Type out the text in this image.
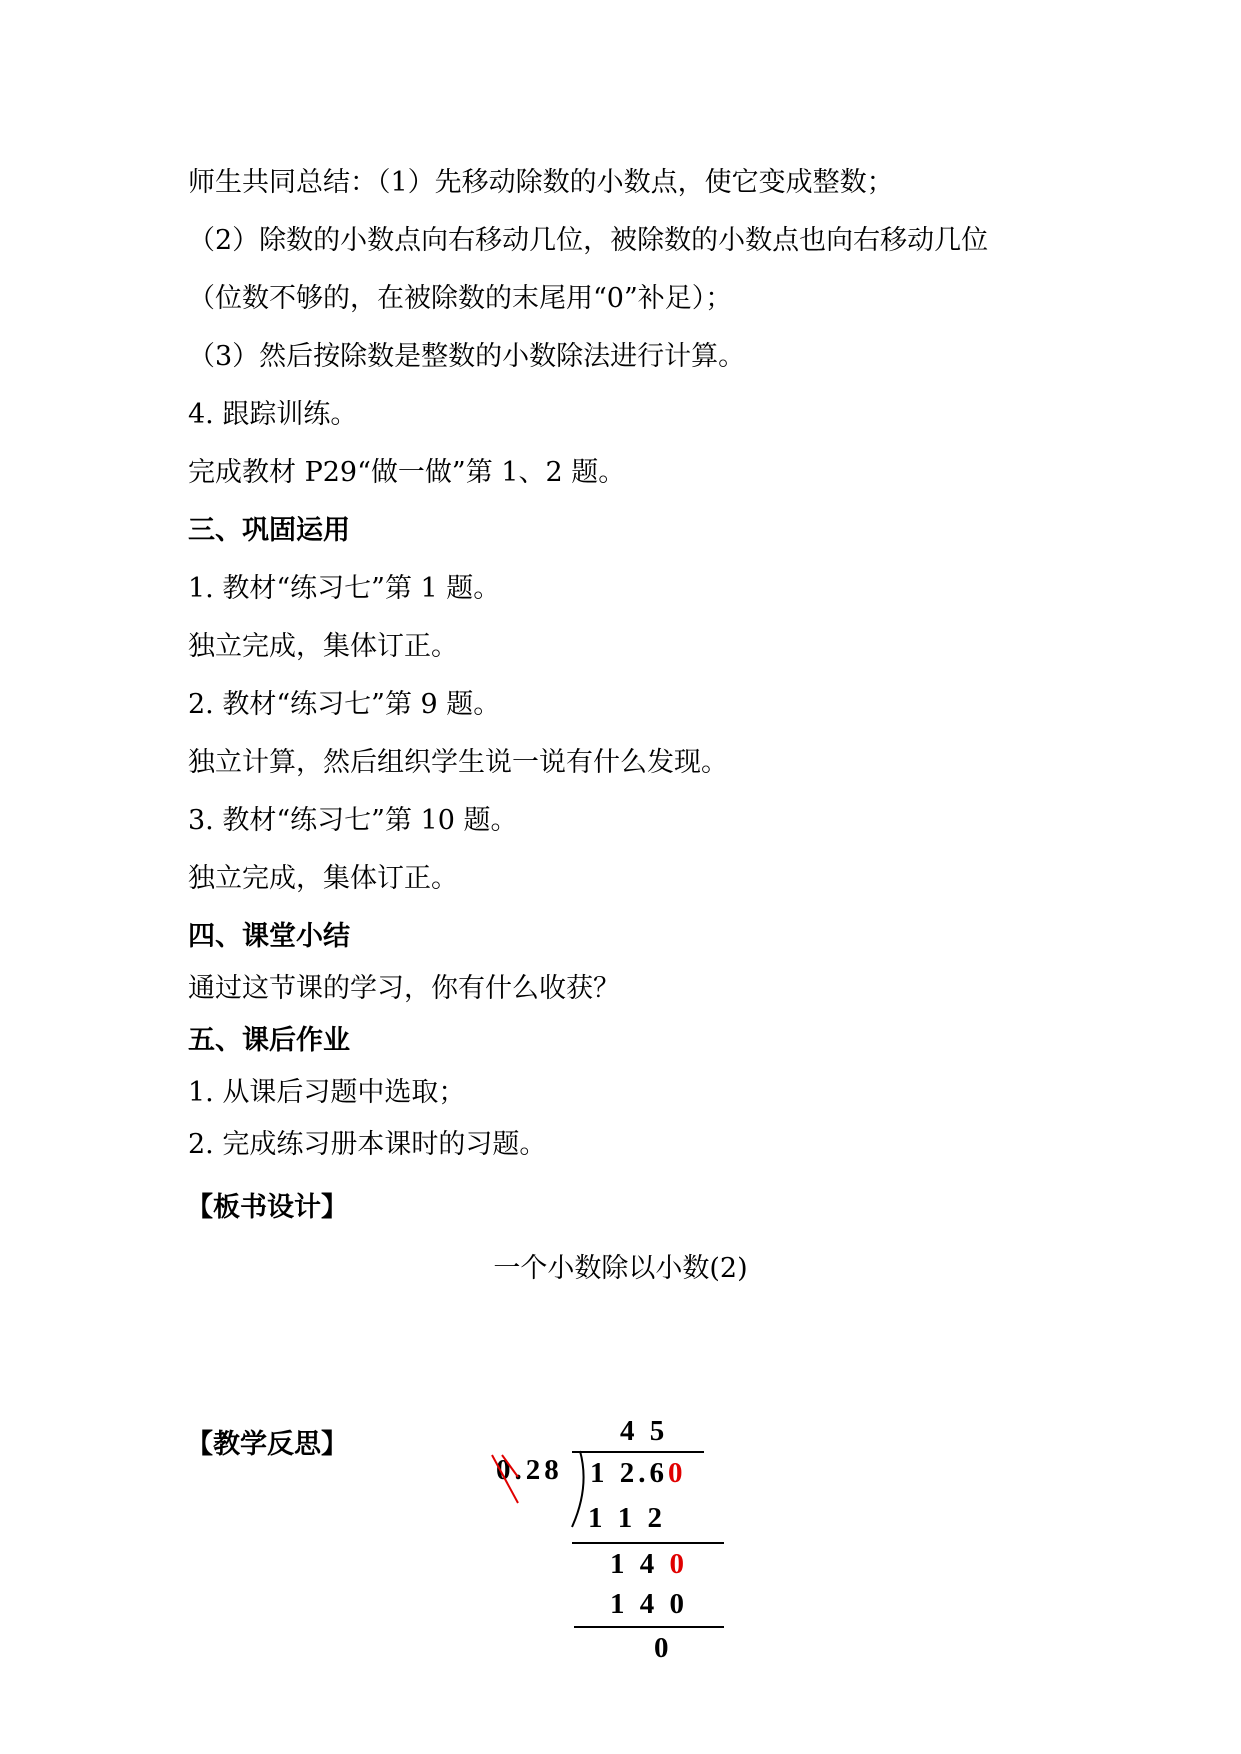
师生共同总结：（1）先移动除数的小数点，使它变成整数；
（2）除数的小数点向右移动几位，被除数的小数点也向右移动几位
（位数不够的，在被除数的末尾用“0”补足）；
（3）然后按除数是整数的小数除法进行计算。
4. 跟踪训练。
完成教材 P29“做一做”第 1、2 题。
三、巩固运用
1. 教材“练习七”第 1 题。
独立完成，集体订正。
2. 教材“练习七”第 9 题。
独立计算，然后组织学生说一说有什么发现。
3. 教材“练习七”第 10 题。
独立完成，集体订正。
四、课堂小结
通过这节课的学习，你有什么收获？
五、课后作业
1. 从课后习题中选取；
2. 完成练习册本课时的习题。
【板书设计】
一个小数除以小数(2)
【教学反思】	4 5
0.28 1 2.60
1 1 2
1 4 0
1 4 0
0
